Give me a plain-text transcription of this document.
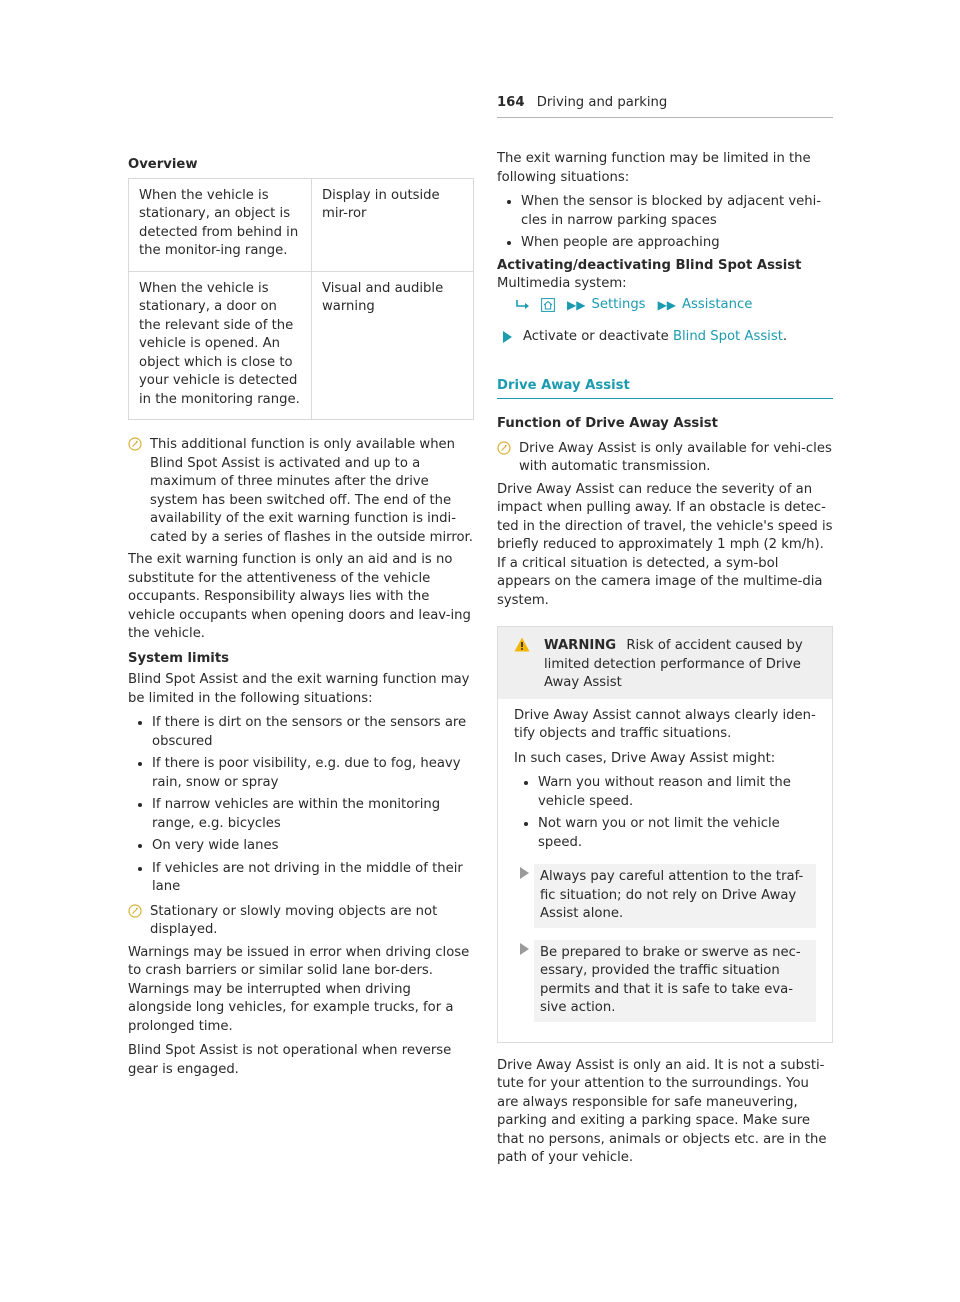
164 Driving and parking
Overview
When the vehicle is stationary, an object is detected from behind in the monitor-ing range.	Display in outside mir-ror
When the vehicle is stationary, a door on the relevant side of the vehicle is opened. An object which is close to your vehicle is detected in the monitoring range.	Visual and audible warning
This additional function is only available when Blind Spot Assist is activated and up to a maximum of three minutes after the drive system has been switched off. The end of the availability of the exit warning function is indi-cated by a series of flashes in the outside mirror.

The exit warning function is only an aid and is no substitute for the attentiveness of the vehicle occupants. Responsibility always lies with the vehicle occupants when opening doors and leav-ing the vehicle.

System limits

Blind Spot Assist and the exit warning function may be limited in the following situations:

If there is dirt on the sensors or the sensors are obscured
If there is poor visibility, e.g. due to fog, heavy rain, snow or spray
If narrow vehicles are within the monitoring range, e.g. bicycles
On very wide lanes
If vehicles are not driving in the middle of their lane
Stationary or slowly moving objects are not displayed.

Warnings may be issued in error when driving close to crash barriers or similar solid lane bor-ders. Warnings may be interrupted when driving alongside long vehicles, for example trucks, for a prolonged time.

Blind Spot Assist is not operational when reverse gear is engaged.

The exit warning function may be limited in the following situations:

When the sensor is blocked by adjacent vehi-cles in narrow parking spaces
When people are approaching
Activating/deactivating Blind Spot Assist

Multimedia system:

▶▶ Settings ▶▶ Assistance
Activate or deactivate Blind Spot Assist.
Drive Away Assist
Function of Drive Away Assist
Drive Away Assist is only available for vehi-cles with automatic transmission.

Drive Away Assist can reduce the severity of an impact when pulling away. If an obstacle is detec-ted in the direction of travel, the vehicle's speed is briefly reduced to approximately 1 mph (2 km/h). If a critical situation is detected, a sym-bol appears on the camera image of the multime-dia system.

WARNING Risk of accident caused by limited detection performance of Drive Away Assist

Drive Away Assist cannot always clearly iden-tify objects and traffic situations.

In such cases, Drive Away Assist might:

Warn you without reason and limit the vehicle speed.
Not warn you or not limit the vehicle speed.
Always pay careful attention to the traf-fic situation; do not rely on Drive Away Assist alone.
Be prepared to brake or swerve as nec-essary, provided the traffic situation permits and that it is safe to take eva-sive action.

Drive Away Assist is only an aid. It is not a substi-tute for your attention to the surroundings. You are always responsible for safe maneuvering, parking and exiting a parking space. Make sure that no persons, animals or objects etc. are in the path of your vehicle.
